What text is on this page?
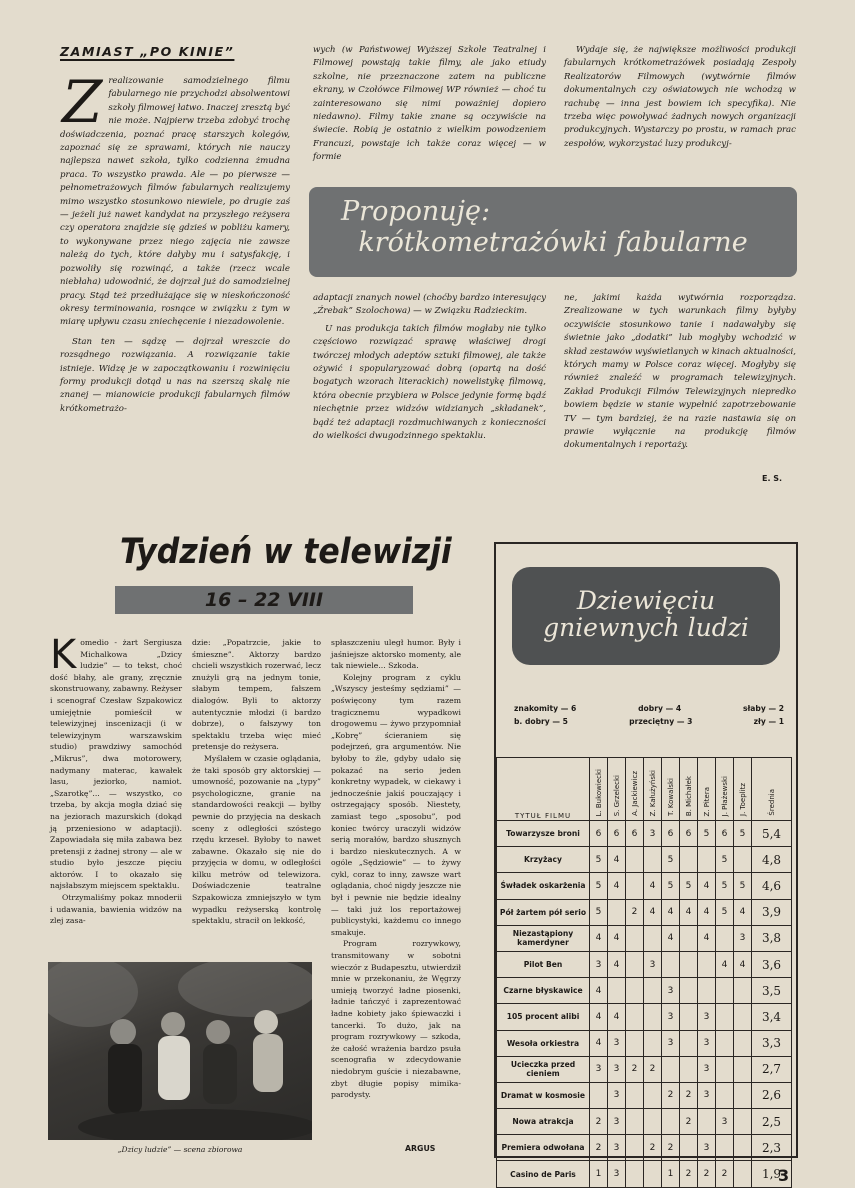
ZAMIAST „PO KINIE”
Z realizowanie samodzielnego filmu fabularnego nie przychodzi absolwentowi szkoły filmowej łatwo. Inaczej zresztą być nie może. Najpierw trzeba zdobyć trochę doświadczenia, poznać pracę starszych kolegów, zapoznać się ze sprawami, których nie nauczy najlepsza nawet szkoła, tylko codzienna żmudna praca. To wszystko prawda. Ale — po pierwsze — pełnometrażowych filmów fabularnych realizujemy mimo wszystko stosunkowo niewiele, po drugie zaś — jeżeli już nawet kandydat na przyszłego reżysera czy operatora znajdzie się gdzieś w pobliżu kamery, to wykonywane przez niego zajęcia nie zawsze należą do tych, które dałyby mu i satysfakcję, i pozwoliły się rozwinąć, a także (rzecz wcale niebłaha) udowodnić, że dojrzał już do samodzielnej pracy. Stąd też przedłużające się w nieskończoność okresy terminowania, rosnące w związku z tym w miarę upływu czasu zniechęcenie i niezadowolenie.

Stan ten — sądzę — dojrzał wreszcie do rozsądnego rozwiązania. A rozwiązanie takie istnieje. Widzę je w zapoczątkowaniu i rozwinięciu formy produkcji dotąd u nas na szerszą skalę nie znanej — mianowicie produkcji fabularnych filmów krótkometrażo-

wych (w Państwowej Wyższej Szkole Teatralnej i Filmowej powstają takie filmy, ale jako etiudy szkolne, nie przeznaczone zatem na publiczne ekrany, w Czołówce Filmowej WP również — choć tu zainteresowano się nimi poważniej dopiero niedawno). Filmy takie znane są oczywiście na świecie. Robią je ostatnio z wielkim powodzeniem Francuzi, powstaje ich także coraz więcej — w formie

Wydaje się, że największe możliwości produkcji fabularnych krótkometrażówek posiadają Zespoły Realizatorów Filmowych (wytwórnie filmów dokumentalnych czy oświatowych nie wchodzą w rachubę — inna jest bowiem ich specyfika). Nie trzeba więc powoływać żadnych nowych organizacji produkcyjnych. Wystarczy po prostu, w ramach prac zespołów, wykorzystać luzy produkcyj-

Proponuję:
krótkometrażówki fabularne

adaptacji znanych nowel (choćby bardzo interesujący „Źrebak” Szolochowa) — w Związku Radzieckim.

U nas produkcja takich filmów mogłaby nie tylko częściowo rozwiązać sprawę właściwej drogi twórczej młodych adeptów sztuki filmowej, ale także ożywić i spopularyzować dobrą (opartą na dość bogatych wzorach literackich) nowelistykę filmową, która obecnie przybiera w Polsce jedynie formę bądź niechętnie przez widzów widzianych „składanek”, bądź też adaptacji rozdmuchiwanych z konieczności do wielkości dwugodzinnego spektaklu.

ne, jakimi każda wytwórnia rozporządza. Zrealizowane w tych warunkach filmy byłyby oczywiście stosunkowo tanie i nadawałyby się świetnie jako „dodatki” lub mogłyby wchodzić w skład zestawów wyświetlanych w kinach aktualności, których mamy w Polsce coraz więcej. Mogłyby się również znaleźć w programach telewizyjnych. Zakład Produkcji Filmów Telewizyjnych niepredko bowiem będzie w stanie wypełnić zapotrzebowanie TV — tym bardziej, że na razie nastawia się on prawie wyłącznie na produkcję filmów dokumentalnych i reportaży.

E. S.
Tydzień w telewizji
16 – 22 VIII
K omedio - żart Sergiusza Michalkowa „Dzicy ludzie” — to tekst, choć dość błahy, ale grany, zręcznie skonstruowany, zabawny. Reżyser i scenograf Czesław Szpakowicz umiejętnie pomieścił w telewizyjnej inscenizacji (i w telewizyjnym warszawskim studio) prawdziwy samochód „Mikrus”, dwa motorowery, nadymany materac, kawałek lasu, jeziorko, namiot. „Szarotkę”... — wszystko, co trzeba, by akcja mogła dziać się na jeziorach mazurskich (dokąd ją przeniesiono w adaptacji). Zapowiadała się miła zabawa bez pretensji z żadnej strony — ale w studio było jeszcze pięciu aktorów. I to okazało się najsłabszym miejscem spektaklu.

Otrzymaliśmy pokaz mnoderii i udawania, bawienia widzów na zlej zasa-

dzie: „Popatrzcie, jakie to śmieszne”. Aktorzy bardzo chcieli wszystkich rozerwać, lecz znużyli grą na jednym tonie, słabym tempem, fałszem dialogów. Byli to aktorzy autentycznie młodzi (i bardzo dobrze), o fałszywy ton spektaklu trzeba więc mieć pretensje do reżysera.

Myślałem w czasie oglądania, że taki sposób gry aktorskiej — umowność, pozowanie na „typy” psychologiczne, granie na standardowości reakcji — byłby pewnie do przyjęcia na deskach sceny z odległości szóstego rzędu krzeseł. Byłoby to nawet zabawne. Okazało się nie do przyjęcia w domu, w odległości kilku metrów od telewizora. Doświadczenie teatralne Szpakowicza zmniejszyło w tym wypadku reżyserską kontrolę spektaklu, stracił on lekkość,

spłaszczeniu uległ humor. Były i jaśniejsze aktorsko momenty, ale tak niewiele... Szkoda.

Kolejny program z cyklu „Wszyscy jesteśmy sędziami” — poświęcony tym razem tragicznemu wypadkowi drogowemu — żywo przypomniał „Kobrę” ścieraniem się podejrzeń, gra argumentów. Nie byłoby to źle, gdyby udało się pokazać na serio jeden konkretny wypadek, w ciekawy i jednocześnie jakiś pouczający i ostrzegający sposób. Niestety, zamiast tego „sposobu”, pod koniec twórcy uraczyli widzów serią morałów, bardzo słusznych i bardzo nieskutecznych. A w ogóle „Sędziowie” — to żywy cykl, coraz to inny, zawsze wart oglądania, choć nigdy jeszcze nie był i pewnie nie będzie idealny — taki już los reportażowej publicystyki, każdemu co innego smakuje.

Program rozrywkowy, transmitowany w sobotni wieczór z Budapesztu, utwierdził mnie w przekonaniu, że Węgrzy umieją tworzyć ładne piosenki, ładnie tańczyć i zaprezentować ładne kobiety jako śpiewaczki i tancerki. To dużo, jak na program rozrywkowy — szkoda, że całość wrażenia bardzo psuła scenografia w zdecydowanie niedobrym guście i niezabawne, zbyt długie popisy mimika-parodysty.

ARGUS
„Dzicy ludzie” — scena zbiorowa
Dziewięciu
gniewnych ludzi
znakomity — 6	dobry — 4	słaby — 2
b. dobry — 5	przeciętny — 3	zły — 1
TYTUŁ FILMU	L. Bukowiecki	S. Grzelecki	A. Jackiewicz	Z. Kałużyński	T. Kowalski	B. Michałek	Z. Pitera	J. Płażewski	J. Toeplitz	Średnia
Towarzysze broni	6	6	6	3	6	6	5	6	5	5,4
Krzyżacy	5	4			5			5		4,8
Śwładek oskarżenia	5	4		4	5	5	4	5	5	4,6
Pół żartem pół serio	5		2	4	4	4	4	5	4	3,9
Niezastąpiony kamerdyner	4	4			4		4		3	3,8
Pilot Ben	3	4		3				4	4	3,6
Czarne błyskawice	4				3					3,5
105 procent alibi	4	4			3		3			3,4
Wesoła orkiestra	4	3			3		3			3,3
Ucieczka przed cieniem	3	3	2	2			3			2,7
Dramat w kosmosie		3			2	2	3			2,6
Nowa atrakcja	2	3				2		3		2,5
Premiera odwołana	2	3		2	2		3			2,3
Casino de Paris	1	3			1	2	2	2		1,9
3
